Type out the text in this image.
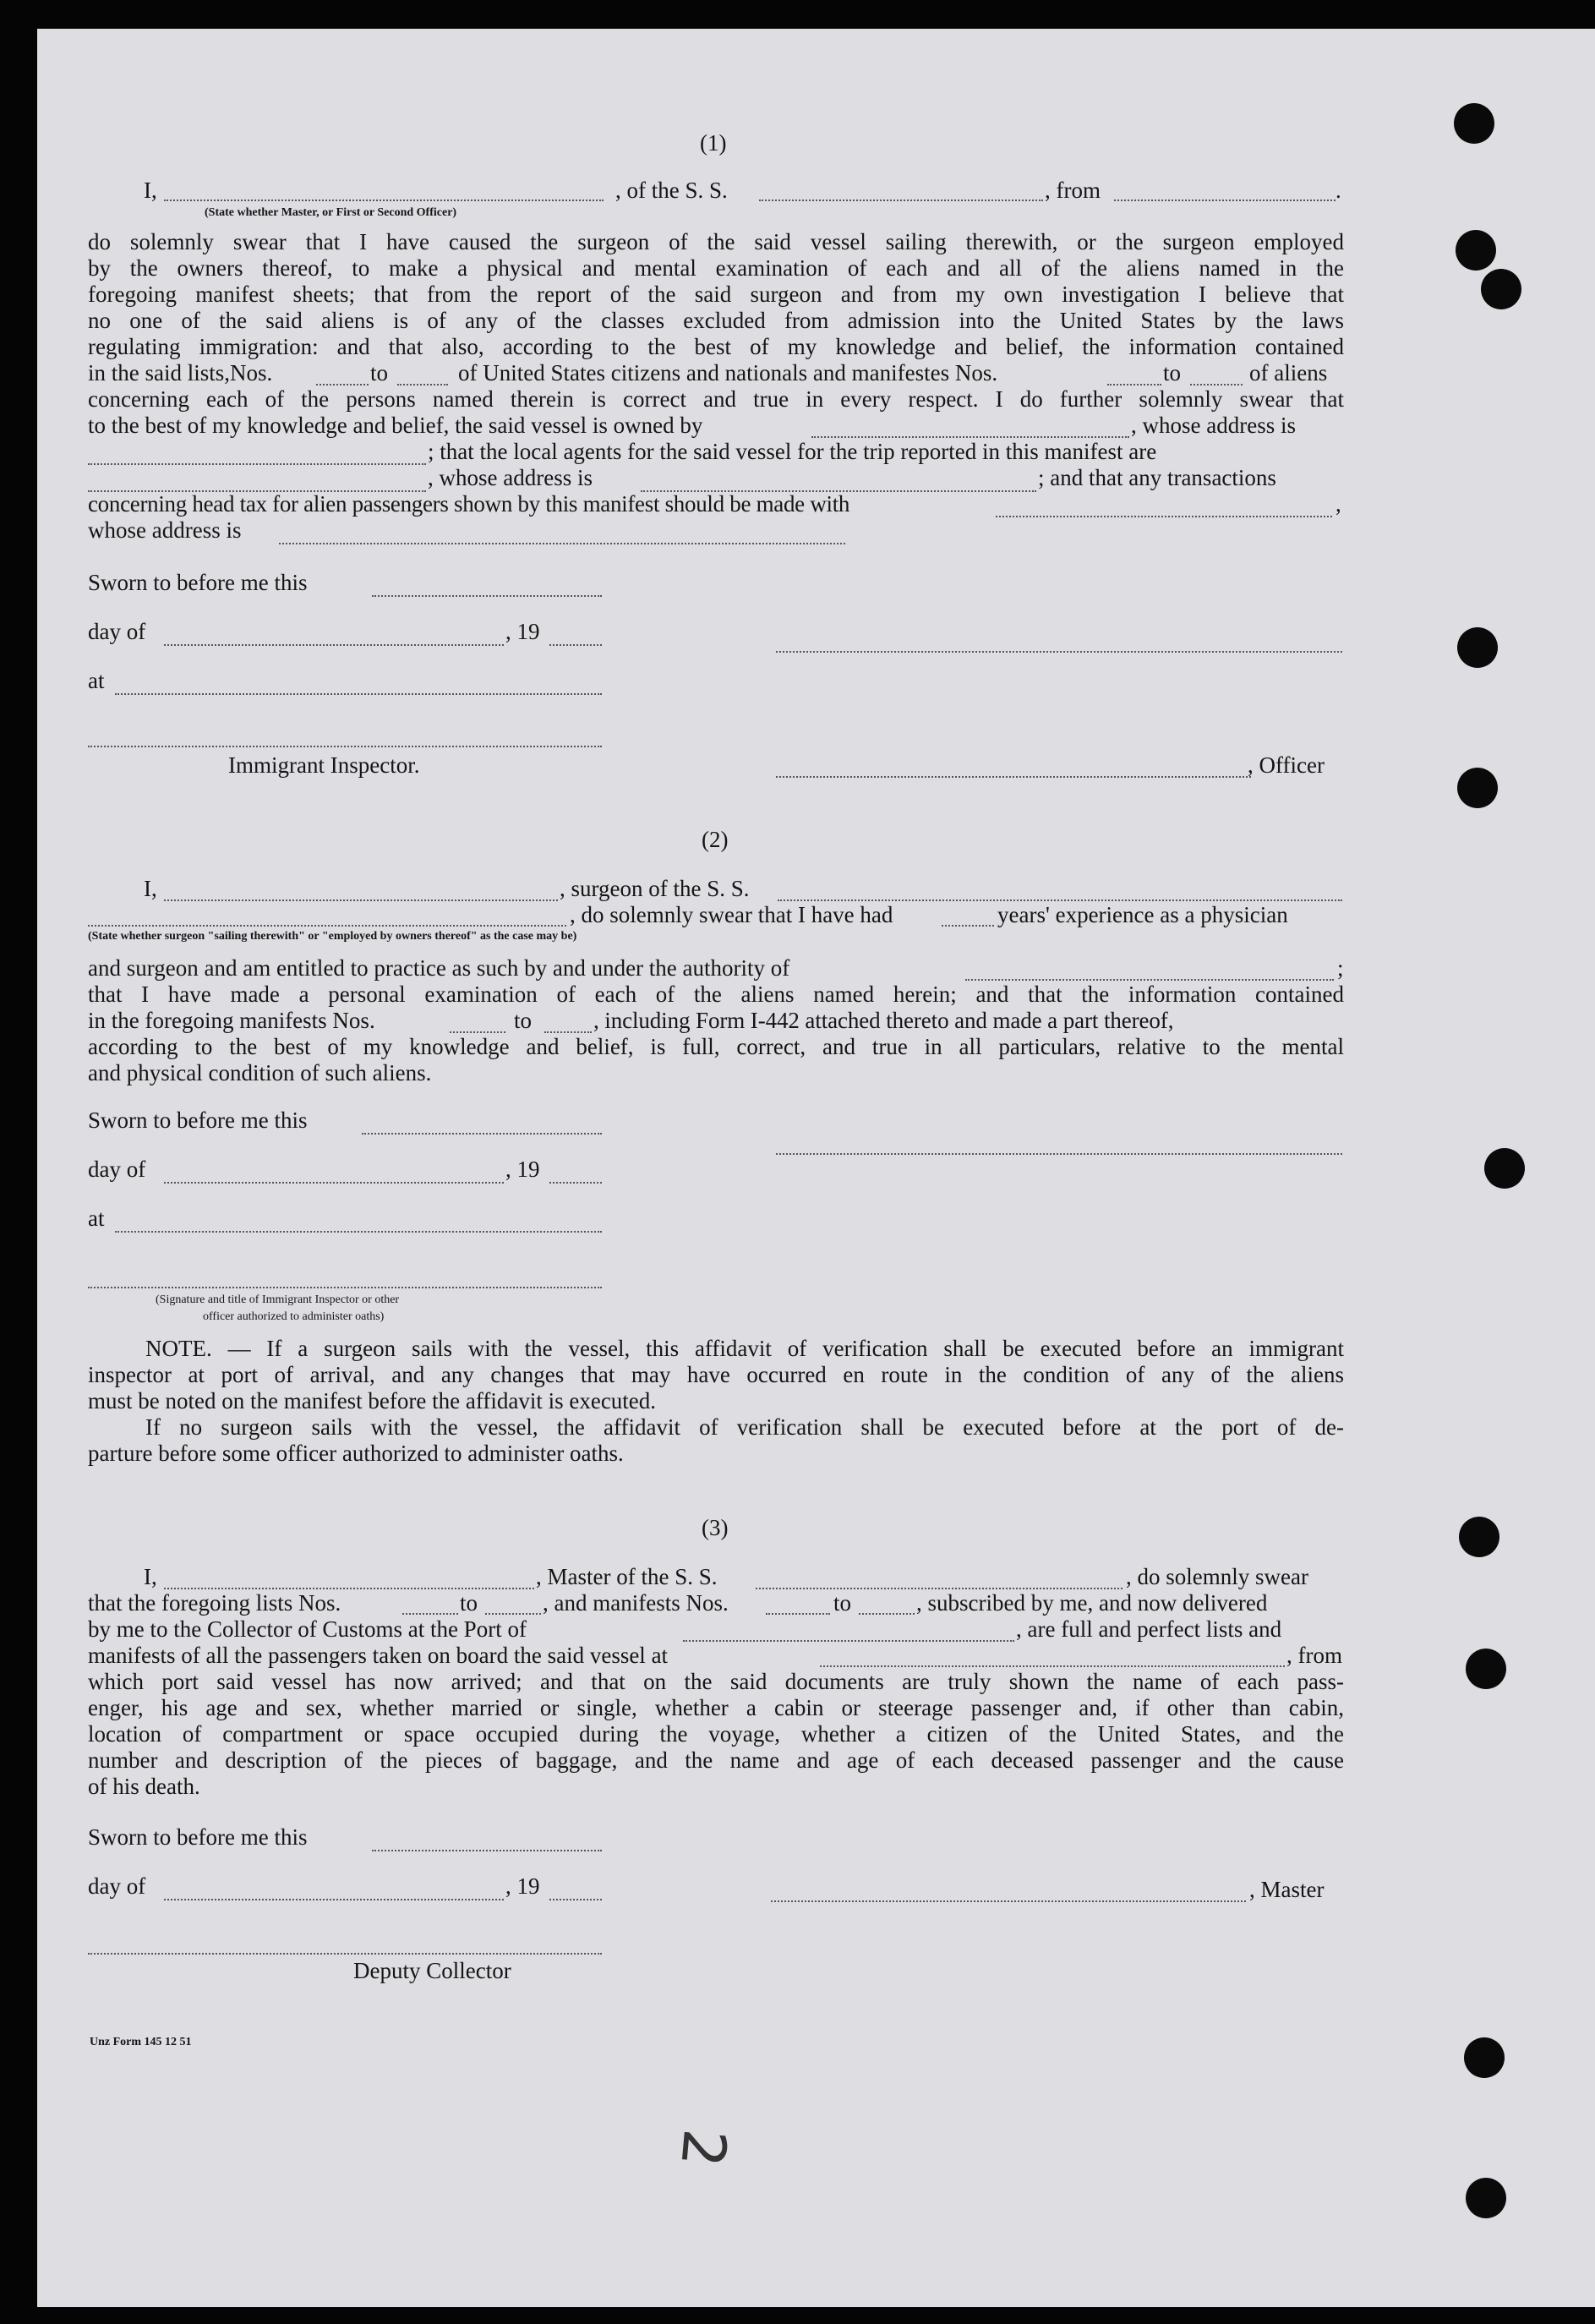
(1)
I,	, of the S. S.	, from	.
(State whether Master, or First or Second Officer)
do solemnly swear that I have caused the surgeon of the said vessel sailing therewith, or the surgeon employed
by the owners thereof, to make a physical and mental examination of each and all of the aliens named in the
foregoing manifest sheets; that from the report of the said surgeon and from my own investigation I believe that
no one of the said aliens is of any of the classes excluded from admission into the United States by the laws
regulating immigration: and that also, according to the best of my knowledge and belief, the information contained
in the said lists,Nos.	to	of United States citizens and nationals and manifestes Nos.	to	of aliens
concerning each of the persons named therein is correct and true in every respect. I do further solemnly swear that
to the best of my knowledge and belief, the said vessel is owned by	, whose address is
; that the local agents for the said vessel for the trip reported in this manifest are
, whose address is	; and that any transactions
concerning head tax for alien passengers shown by this manifest should be made with	,
whose address is
Sworn to before me this
day of	, 19
at
Immigrant Inspector.	, Officer
(2)
I,	, surgeon of the S. S.
, do solemnly swear that I have had	years' experience as a physician
(State whether surgeon "sailing therewith" or "employed by owners thereof" as the case may be)
and surgeon and am entitled to practice as such by and under the authority of	;
that I have made a personal examination of each of the aliens named herein; and that the information contained
in the foregoing manifests Nos.	to	, including Form I-442 attached thereto and made a part thereof,
according to the best of my knowledge and belief, is full, correct, and true in all particulars, relative to the mental
and physical condition of such aliens.
Sworn to before me this
day of	, 19
at
(Signature and title of Immigrant Inspector or other
officer authorized to administer oaths)
NOTE. — If a surgeon sails with the vessel, this affidavit of verification shall be executed before an immigrant
inspector at port of arrival, and any changes that may have occurred en route in the condition of any of the aliens
must be noted on the manifest before the affidavit is executed.
If no surgeon sails with the vessel, the affidavit of verification shall be executed before at the port of de-
parture before some officer authorized to administer oaths.
(3)
I,	, Master of the S. S.	, do solemnly swear
that the foregoing lists Nos.	to	, and manifests Nos.	to	, subscribed by me, and now delivered
by me to the Collector of Customs at the Port of	, are full and perfect lists and
manifests of all the passengers taken on board the said vessel at	, from
which port said vessel has now arrived; and that on the said documents are truly shown the name of each pass-
enger, his age and sex, whether married or single, whether a cabin or steerage passenger and, if other than cabin,
location of compartment or space occupied during the voyage, whether a citizen of the United States, and the
number and description of the pieces of baggage, and the name and age of each deceased passenger and the cause
of his death.
Sworn to before me this
day of	, 19	, Master
Deputy Collector
Unz Form 145 12 51
2
